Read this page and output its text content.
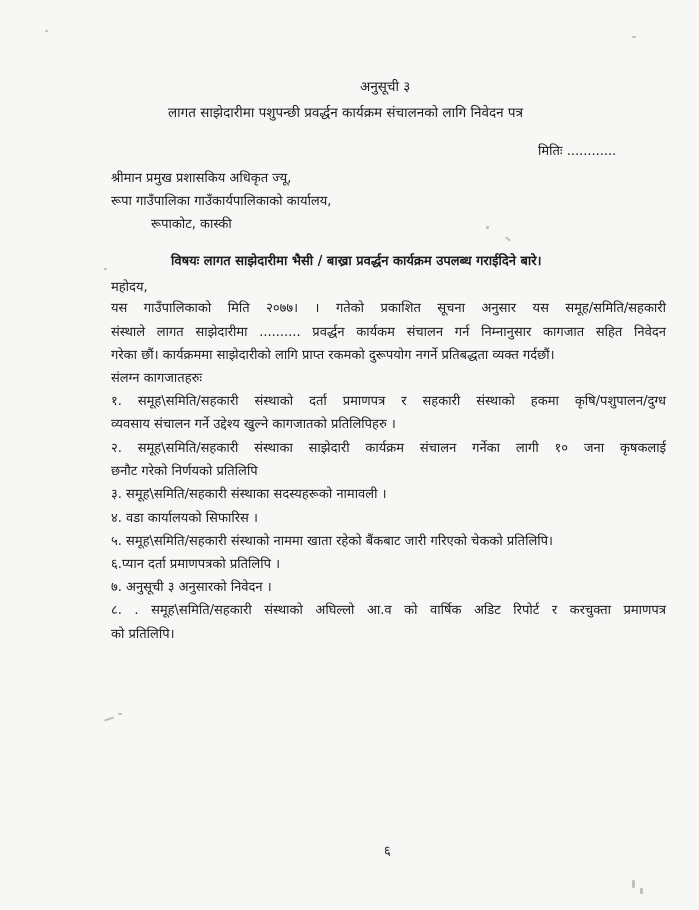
अनुसूची ३
लागत साझेदारीमा पशुपन्छी प्रवर्द्धन कार्यक्रम संचालनको लागि निवेदन पत्र
मितिः ............
श्रीमान प्रमुख प्रशासकिय अधिकृत ज्यू,
रूपा गाउँपालिका गाउँकार्यपालिकाको कार्यालय,
रूपाकोट, कास्की
विषयः लागत साझेदारीमा भैसी / बाख्रा प्रवर्द्धन कार्यक्रम उपलब्ध गराईदिने बारे।
महोदय,
यस गाउँपालिकाको मिति २०७७। । गतेको प्रकाशित सूचना अनुसार यस समूह/समिति/सहकारी
संस्थाले लागत साझेदारीमा .......... प्रवर्द्धन कार्यकम संचालन गर्न निम्नानुसार कागजात सहित निवेदन
गरेका छौं। कार्यक्रममा साझेदारीको लागि प्राप्त रकमको दुरूपयोग नगर्ने प्रतिबद्धता व्यक्त गर्दछौं।
संलग्न कागजातहरुः
१. समूह\समिति/सहकारी संस्थाको दर्ता प्रमाणपत्र र सहकारी संस्थाको हकमा कृषि/पशुपालन/दुग्ध
व्यवसाय संचालन गर्ने उद्देश्य खुल्ने कागजातको प्रतिलिपिहरु ।
२. समूह\समिति/सहकारी संस्थाका साझेदारी कार्यक्रम संचालन गर्नेका लागी १० जना कृषकलाई
छनौट गरेको निर्णयको प्रतिलिपि
३. समूह\समिति/सहकारी संस्थाका सदस्यहरूको नामावली ।
४. वडा कार्यालयको सिफारिस ।
५. समूह\समिति/सहकारी संस्थाको नाममा खाता रहेको बैंकबाट जारी गरिएको चेकको प्रतिलिपि।
६.प्यान दर्ता प्रमाणपत्रको प्रतिलिपि ।
७. अनुसूची ३ अनुसारको निवेदन ।
८. . समूह\समिति/सहकारी संस्थाको अघिल्लो आ.व को वार्षिक अडिट रिपोर्ट र करचुक्ता प्रमाणपत्र
को प्रतिलिपि।
६
